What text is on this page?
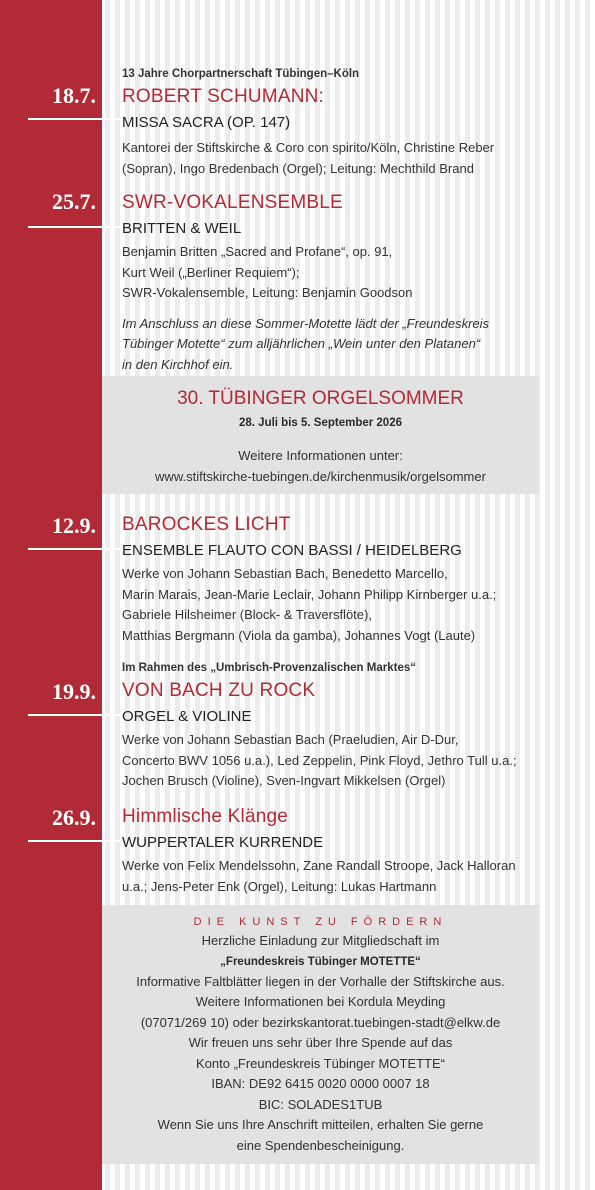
13 Jahre Chorpartnerschaft Tübingen–Köln
18.7.	ROBERT SCHUMANN:
MISSA SACRA (OP. 147)
Kantorei der Stiftskirche & Coro con spirito/Köln, Christine Reber
(Sopran), Ingo Bredenbach (Orgel); Leitung: Mechthild Brand
25.7.	SWR-VOKALENSEMBLE
BRITTEN & WEIL
Benjamin Britten „Sacred and Profane“, op. 91,
Kurt Weil („Berliner Requiem“);
SWR-Vokalensemble, Leitung: Benjamin Goodson
Im Anschluss an diese Sommer-Motette lädt der „Freundeskreis
Tübinger Motette“ zum alljährlichen „Wein unter den Platanen“
in den Kirchhof ein.
30. TÜBINGER ORGELSOMMER
28. Juli bis 5. September 2026
Weitere Informationen unter:
www.stiftskirche-tuebingen.de/kirchenmusik/orgelsommer
12.9.	BAROCKES LICHT
ENSEMBLE FLAUTO CON BASSI / HEIDELBERG
Werke von Johann Sebastian Bach, Benedetto Marcello,
Marin Marais, Jean-Marie Leclair, Johann Philipp Kirnberger u.a.;
Gabriele Hilsheimer (Block- & Traversflöte),
Matthias Bergmann (Viola da gamba), Johannes Vogt (Laute)
Im Rahmen des „Umbrisch-Provenzalischen Marktes“
19.9.	VON BACH ZU ROCK
ORGEL & VIOLINE
Werke von Johann Sebastian Bach (Praeludien, Air D-Dur,
Concerto BWV 1056 u.a.), Led Zeppelin, Pink Floyd, Jethro Tull u.a.;
Jochen Brusch (Violine), Sven-Ingvart Mikkelsen (Orgel)
26.9.	Himmlische Klänge
WUPPERTALER KURRENDE
Werke von Felix Mendelssohn, Zane Randall Stroope, Jack Halloran
u.a.; Jens-Peter Enk (Orgel), Leitung: Lukas Hartmann
DIE KUNST ZU FÖRDERN
Herzliche Einladung zur Mitgliedschaft im
„Freundeskreis Tübinger MOTETTE“
Informative Faltblätter liegen in der Vorhalle der Stiftskirche aus.
Weitere Informationen bei Kordula Meyding
(07071/269 10) oder bezirkskantorat.tuebingen-stadt@elkw.de
Wir freuen uns sehr über Ihre Spende auf das
Konto „Freundeskreis Tübinger MOTETTE“
IBAN: DE92 6415 0020 0000 0007 18
BIC: SOLADES1TUB
Wenn Sie uns Ihre Anschrift mitteilen, erhalten Sie gerne
eine Spendenbescheinigung.
